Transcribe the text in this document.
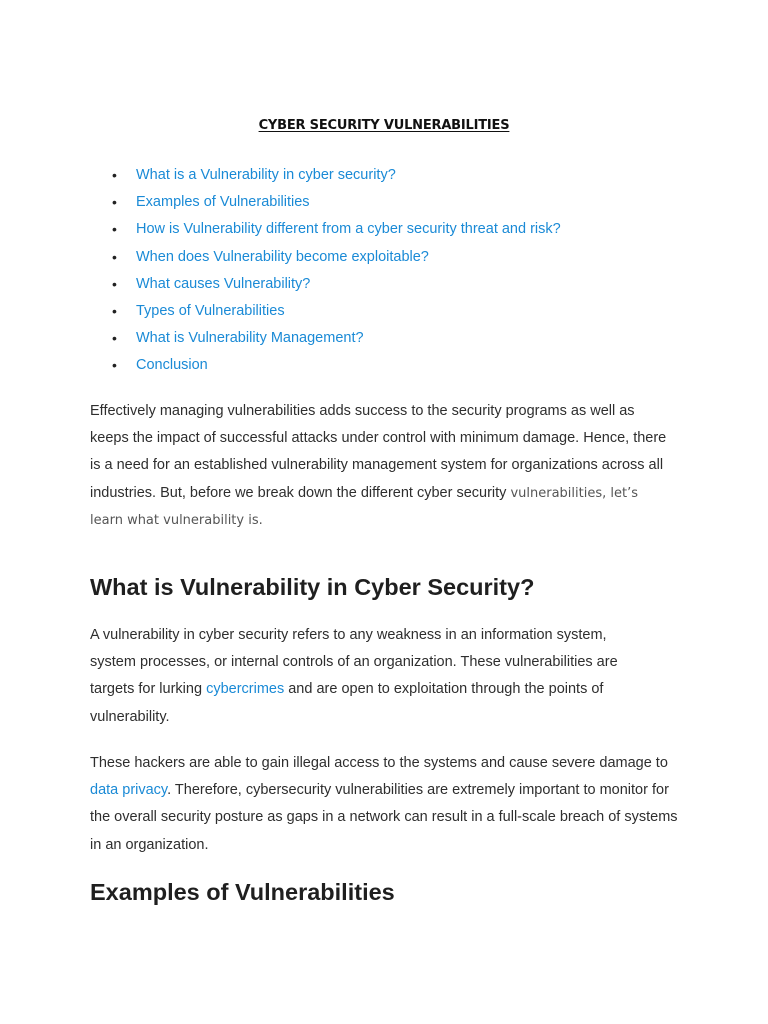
CYBER SECURITY VULNERABILITIES
•	What is a Vulnerability in cyber security?
•	Examples of Vulnerabilities
•	How is Vulnerability different from a cyber security threat and risk?
•	When does Vulnerability become exploitable?
•	What causes Vulnerability?
•	Types of Vulnerabilities
•	What is Vulnerability Management?
•	Conclusion

Effectively managing vulnerabilities adds success to the security programs as well as keeps the impact of successful attacks under control with minimum damage. Hence, there is a need for an established vulnerability management system for organizations across all industries. But, before we break down the different cyber security vulnerabilities, let’s learn what vulnerability is.

What is Vulnerability in Cyber Security?

A vulnerability in cyber security refers to any weakness in an information system, system processes, or internal controls of an organization. These vulnerabilities are targets for lurking cybercrimes and are open to exploitation through the points of vulnerability.

These hackers are able to gain illegal access to the systems and cause severe damage to data privacy. Therefore, cybersecurity vulnerabilities are extremely important to monitor for the overall security posture as gaps in a network can result in a full-scale breach of systems in an organization.

Examples of Vulnerabilities
